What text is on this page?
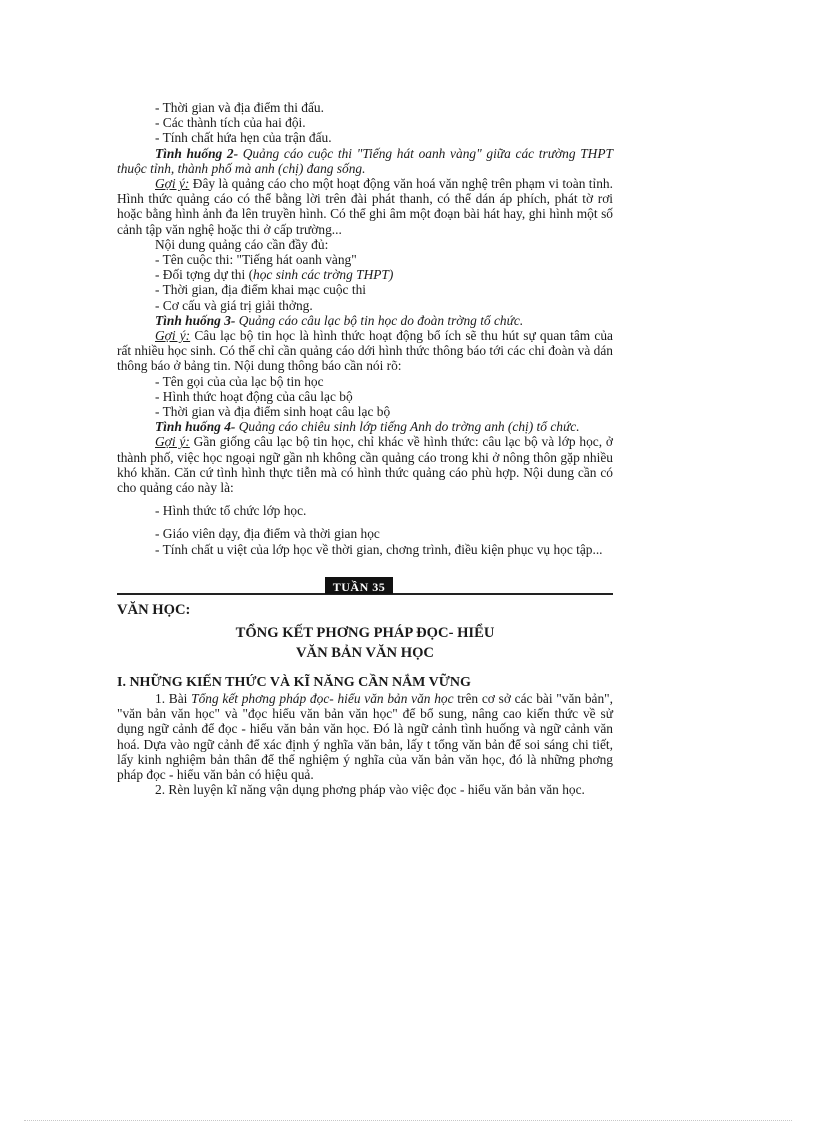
- Thời gian và địa điểm thi đấu.
- Các thành tích của hai đội.
- Tính chất hứa hẹn của trận đấu.
Tình huống 2- Quảng cáo cuộc thi "Tiếng hát oanh vàng" giữa các trường THPT thuộc tỉnh, thành phố mà anh (chị) đang sống.
Gợi ý: Đây là quảng cáo cho một hoạt động văn hoá văn nghệ trên phạm vi toàn tỉnh. Hình thức quảng cáo có thể bằng lời trên đài phát thanh, có thể dán áp phích, phát tờ rơi hoặc bằng hình ảnh đa lên truyền hình. Có thể ghi âm một đoạn bài hát hay, ghi hình một số cảnh tập văn nghệ hoặc thi ở cấp trường...
Nội dung quảng cáo cần đầy đủ:
- Tên cuộc thi: "Tiếng hát oanh vàng"
- Đối tợng dự thi (học sinh các trờng THPT)
- Thời gian, địa điểm khai mạc cuộc thi
- Cơ cấu và giá trị giải thởng.
Tình huống 3- Quảng cáo câu lạc bộ tin học do đoàn trờng tổ chức.
Gợi ý: Câu lạc bộ tin học là hình thức hoạt động bổ ích sẽ thu hút sự quan tâm của rất nhiều học sinh. Có thể chỉ cần quảng cáo dới hình thức thông báo tới các chi đoàn và dán thông báo ở bảng tin. Nội dung thông báo cần nói rõ:
- Tên gọi của của lạc bộ tin học
- Hình thức hoạt động của câu lạc bộ
- Thời gian và địa điểm sinh hoạt câu lạc bộ
Tình huống 4- Quảng cáo chiêu sinh lớp tiếng Anh do trờng anh (chị) tổ chức.
Gợi ý: Gần giống câu lạc bộ tin học, chỉ khác về hình thức: câu lạc bộ và lớp học, ở thành phố, việc học ngoại ngữ gần nh không cần quảng cáo trong khi ở nông thôn gặp nhiều khó khăn. Căn cứ tình hình thực tiễn mà có hình thức quảng cáo phù hợp. Nội dung cần có cho quảng cáo này là:
- Hình thức tổ chức lớp học.
- Giáo viên dạy, địa điểm và thời gian học
- Tính chất u việt của lớp học về thời gian, chơng trình, điều kiện phục vụ học tập...
TUẦN 35
VĂN HỌC:
TỔNG KẾT PHƠNG PHÁP ĐỌC- HIỂU
VĂN BẢN VĂN HỌC
I. NHỮNG KIẾN THỨC VÀ KĨ NĂNG CẦN NẮM VỮNG
1. Bài Tổng kết phơng pháp đọc- hiểu văn bản văn học trên cơ sở các bài "văn bản", "văn bản văn học" và "đọc hiểu văn bản văn học" để bổ sung, nâng cao kiến thức về sử dụng ngữ cảnh để đọc - hiểu văn bản văn học. Đó là ngữ cảnh tình huống và ngữ cảnh văn hoá. Dựa vào ngữ cảnh để xác định ý nghĩa văn bản, lấy t tổng văn bản để soi sáng chi tiết, lấy kinh nghiệm bản thân để thể nghiệm ý nghĩa của văn bản văn học, đó là những phơng pháp đọc - hiểu văn bản có hiệu quả.
2. Rèn luyện kĩ năng vận dụng phơng pháp vào việc đọc - hiểu văn bản văn học.
